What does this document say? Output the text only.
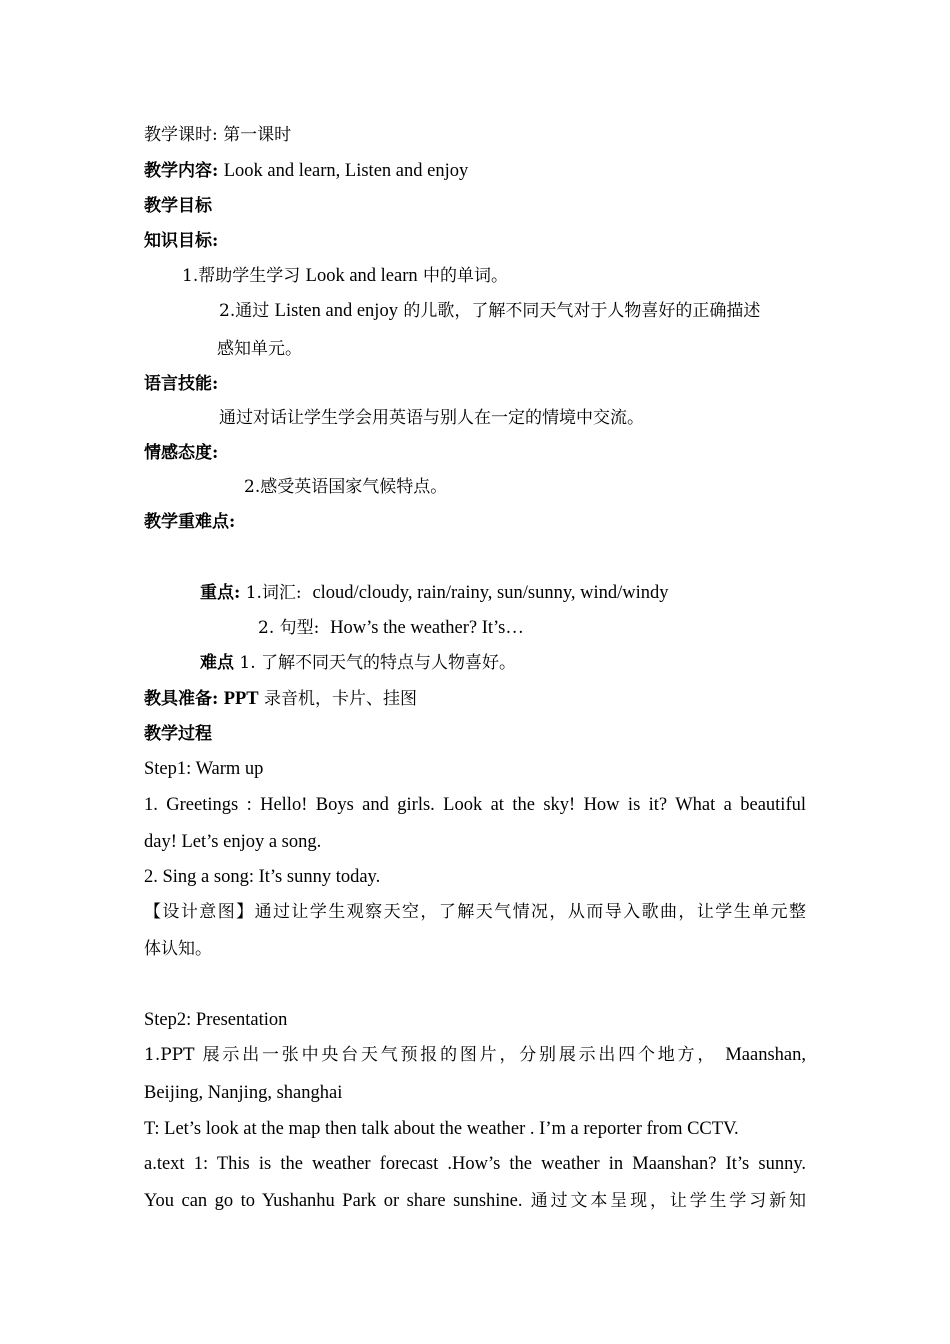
教学课时: 第一课时
教学内容: Look and learn, Listen and enjoy
教学目标
知识目标:
1.帮助学生学习 Look and learn 中的单词。
2.通过 Listen and enjoy 的儿歌，了解不同天气对于人物喜好的正确描述
感知单元。
语言技能:
通过对话让学生学会用英语与别人在一定的情境中交流。
情感态度:
2.感受英语国家气候特点。
教学重难点:
重点: 1.词汇: cloud/cloudy, rain/rainy, sun/sunny, wind/windy
2. 句型: How’s the weather? It’s…
难点 1. 了解不同天气的特点与人物喜好。
教具准备: PPT 录音机，卡片、挂图
教学过程
Step1: Warm up
1. Greetings : Hello! Boys and girls. Look at the sky! How is it? What a beautiful
day! Let’s enjoy a song.
2. Sing a song: It’s sunny today.
【设计意图】通过让学生观察天空，了解天气情况，从而导入歌曲，让学生单元整
体认知。
Step2: Presentation
1.PPT 展示出一张中央台天气预报的图片，分别展示出四个地方， Maanshan,
Beijing, Nanjing, shanghai
T: Let’s look at the map then talk about the weather . I’m a reporter from CCTV.
a.text 1: This is the weather forecast .How’s the weather in Maanshan? It’s sunny.
You can go to Yushanhu Park or share sunshine. 通过文本呈现，让学生学习新知
